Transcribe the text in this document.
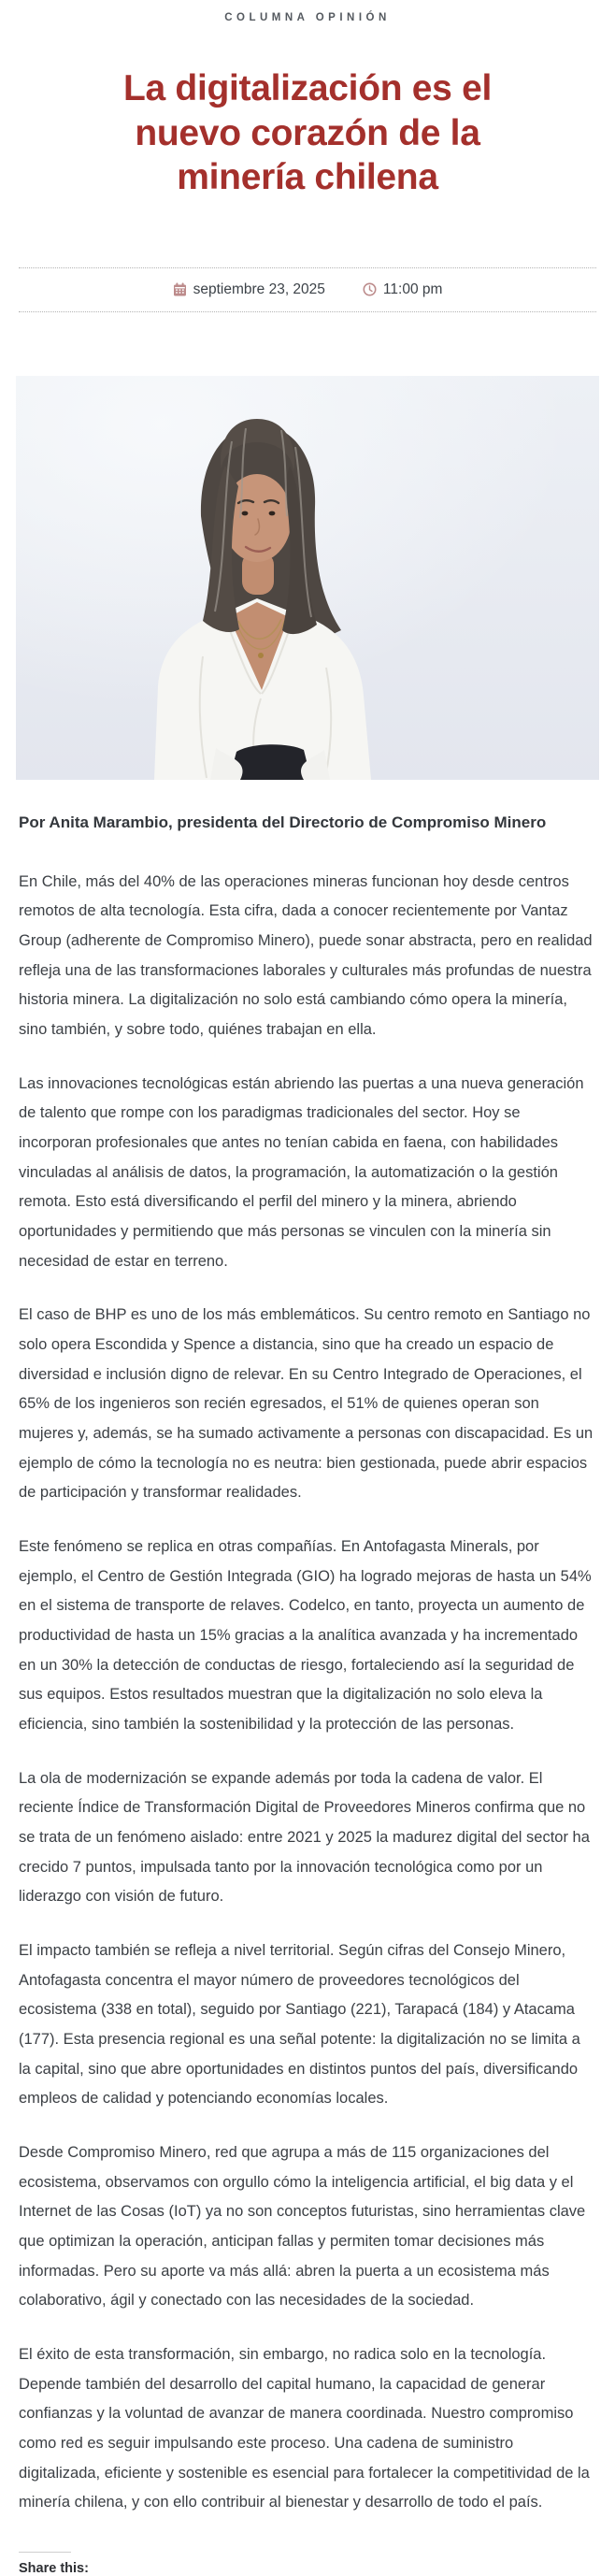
COLUMNA OPINIÓN
La digitalización es el nuevo corazón de la minería chilena
septiembre 23, 2025	11:00 pm

Por Anita Marambio, presidenta del Directorio de Compromiso Minero

En Chile, más del 40% de las operaciones mineras funcionan hoy desde centros remotos de alta tecnología. Esta cifra, dada a conocer recientemente por Vantaz Group (adherente de Compromiso Minero), puede sonar abstracta, pero en realidad refleja una de las transformaciones laborales y culturales más profundas de nuestra historia minera. La digitalización no solo está cambiando cómo opera la minería, sino también, y sobre todo, quiénes trabajan en ella.

Las innovaciones tecnológicas están abriendo las puertas a una nueva generación de talento que rompe con los paradigmas tradicionales del sector. Hoy se incorporan profesionales que antes no tenían cabida en faena, con habilidades vinculadas al análisis de datos, la programación, la automatización o la gestión remota. Esto está diversificando el perfil del minero y la minera, abriendo oportunidades y permitiendo que más personas se vinculen con la minería sin necesidad de estar en terreno.

El caso de BHP es uno de los más emblemáticos. Su centro remoto en Santiago no solo opera Escondida y Spence a distancia, sino que ha creado un espacio de diversidad e inclusión digno de relevar. En su Centro Integrado de Operaciones, el 65% de los ingenieros son recién egresados, el 51% de quienes operan son mujeres y, además, se ha sumado activamente a personas con discapacidad. Es un ejemplo de cómo la tecnología no es neutra: bien gestionada, puede abrir espacios de participación y transformar realidades.

Este fenómeno se replica en otras compañías. En Antofagasta Minerals, por ejemplo, el Centro de Gestión Integrada (GIO) ha logrado mejoras de hasta un 54% en el sistema de transporte de relaves. Codelco, en tanto, proyecta un aumento de productividad de hasta un 15% gracias a la analítica avanzada y ha incrementado en un 30% la detección de conductas de riesgo, fortaleciendo así la seguridad de sus equipos. Estos resultados muestran que la digitalización no solo eleva la eficiencia, sino también la sostenibilidad y la protección de las personas.

La ola de modernización se expande además por toda la cadena de valor. El reciente Índice de Transformación Digital de Proveedores Mineros confirma que no se trata de un fenómeno aislado: entre 2021 y 2025 la madurez digital del sector ha crecido 7 puntos, impulsada tanto por la innovación tecnológica como por un liderazgo con visión de futuro.

El impacto también se refleja a nivel territorial. Según cifras del Consejo Minero, Antofagasta concentra el mayor número de proveedores tecnológicos del ecosistema (338 en total), seguido por Santiago (221), Tarapacá (184) y Atacama (177). Esta presencia regional es una señal potente: la digitalización no se limita a la capital, sino que abre oportunidades en distintos puntos del país, diversificando empleos de calidad y potenciando economías locales.

Desde Compromiso Minero, red que agrupa a más de 115 organizaciones del ecosistema, observamos con orgullo cómo la inteligencia artificial, el big data y el Internet de las Cosas (IoT) ya no son conceptos futuristas, sino herramientas clave que optimizan la operación, anticipan fallas y permiten tomar decisiones más informadas. Pero su aporte va más allá: abren la puerta a un ecosistema más colaborativo, ágil y conectado con las necesidades de la sociedad.

El éxito de esta transformación, sin embargo, no radica solo en la tecnología. Depende también del desarrollo del capital humano, la capacidad de generar confianzas y la voluntad de avanzar de manera coordinada. Nuestro compromiso como red es seguir impulsando este proceso. Una cadena de suministro digitalizada, eficiente y sostenible es esencial para fortalecer la competitividad de la minería chilena, y con ello contribuir al bienestar y desarrollo de todo el país.

Share this:
